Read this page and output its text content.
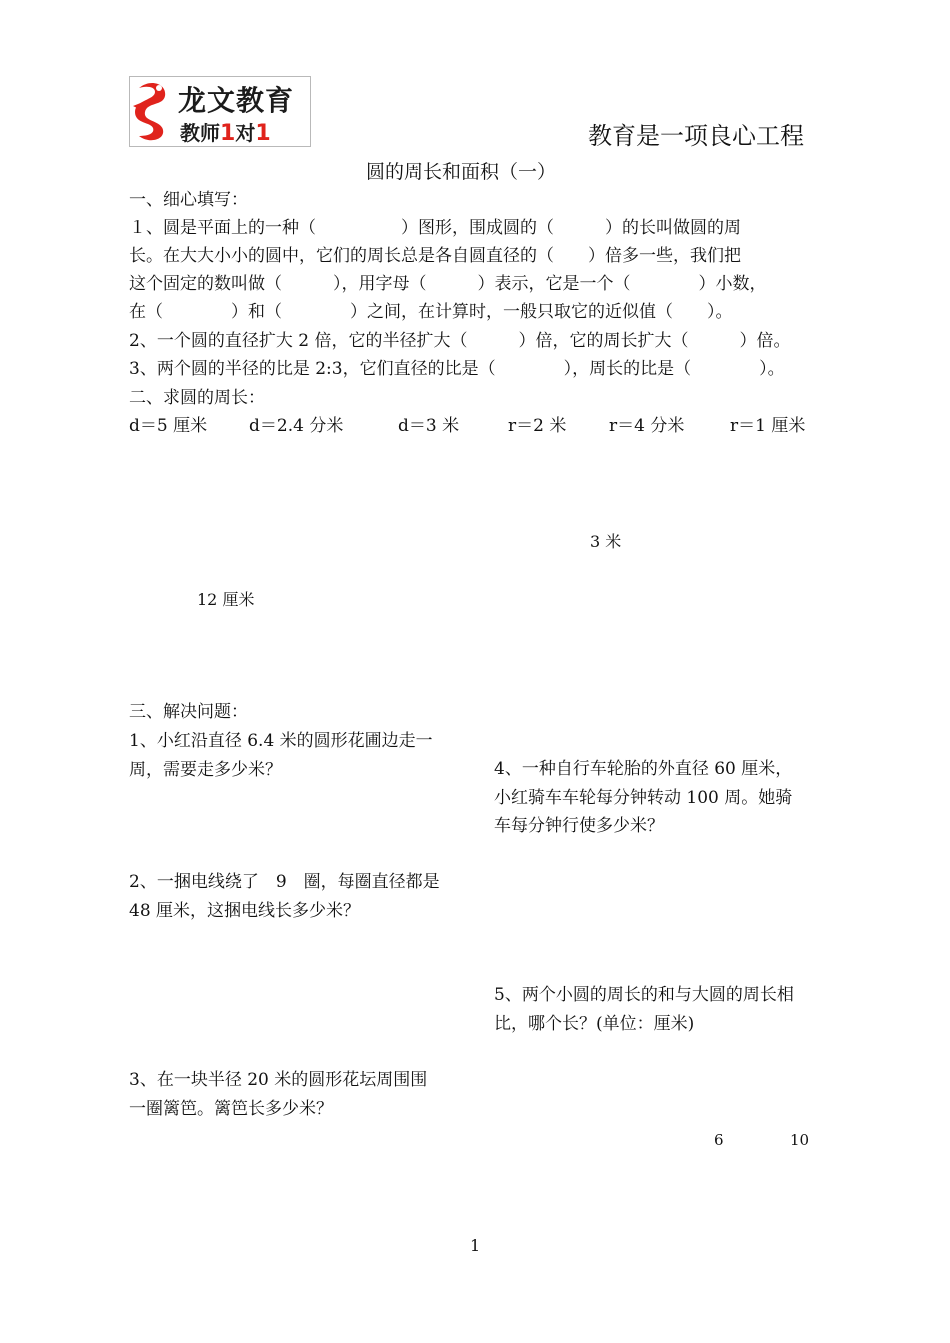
龙文教育
教师1对1	教育是一项良心工程
圆的周长和面积（一）
一、细心填写：
１、圆是平面上的一种（　　　　　）图形，围成圆的（　　　）的长叫做圆的周
长。在大大小小的圆中，它们的周长总是各自圆直径的（　　）倍多一些，我们把
这个固定的数叫做（　　　），用字母（　　　）表示，它是一个（　　　　）小数，
在（　　　　）和（　　　　）之间，在计算时，一般只取它的近似值（　　）。
2、一个圆的直径扩大 2 倍，它的半径扩大（　　　）倍，它的周长扩大（　　　）倍。
3、两个圆的半径的比是 2:3，它们直径的比是（　　　　），周长的比是（　　　　）。
二、求圆的周长：
d＝5 厘米 d＝2.4 分米	d＝3 米	r＝2 米	r＝4 分米	r＝1 厘米
3 米
12 厘米
三、解决问题：
1、小红沿直径 6.4 米的圆形花圃边走一
周，需要走多少米？
2、一捆电线绕了　9　圈，每圈直径都是
48 厘米，这捆电线长多少米？
3、在一块半径 20 米的圆形花坛周围围
一圈篱笆。篱笆长多少米？
4、一种自行车轮胎的外直径 60 厘米，
小红骑车车轮每分钟转动 100 周。她骑
车每分钟行使多少米？
5、两个小圆的周长的和与大圆的周长相
比，哪个长？(单位：厘米)
6	10
1
